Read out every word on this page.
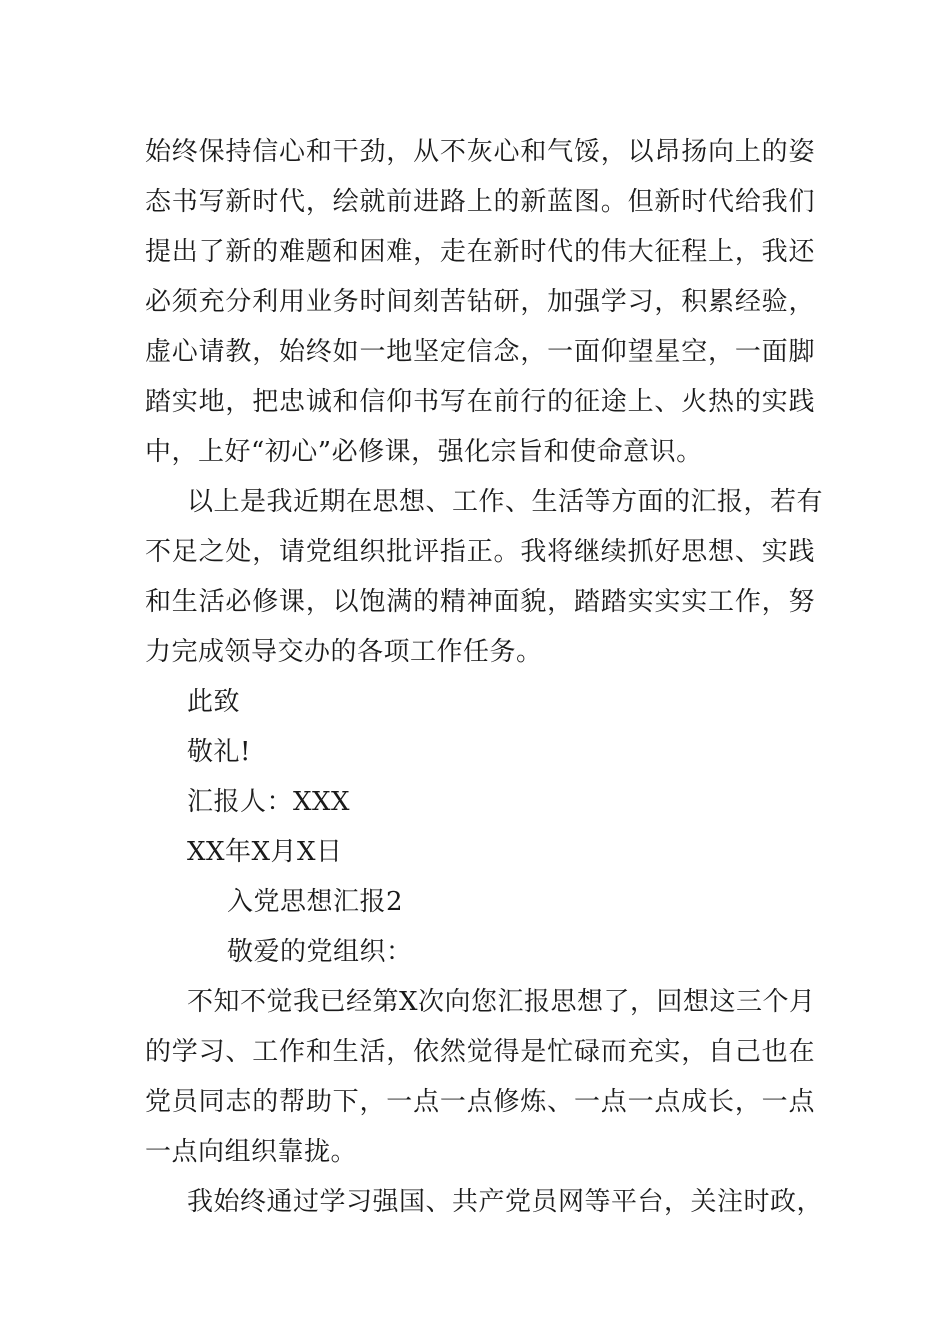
始终保持信心和干劲，从不灰心和气馁，以昂扬向上的姿
态书写新时代，绘就前进路上的新蓝图。但新时代给我们
提出了新的难题和困难，走在新时代的伟大征程上，我还
必须充分利用业务时间刻苦钻研，加强学习，积累经验，
虚心请教，始终如一地坚定信念，一面仰望星空，一面脚
踏实地，把忠诚和信仰书写在前行的征途上、火热的实践
中，上好“初心”必修课，强化宗旨和使命意识。
以上是我近期在思想、工作、生活等方面的汇报，若有
不足之处，请党组织批评指正。我将继续抓好思想、实践
和生活必修课，以饱满的精神面貌，踏踏实实实工作，努
力完成领导交办的各项工作任务。
此致
敬礼!
汇报人：XXX
XX年X月X日
入党思想汇报2
敬爱的党组织：
不知不觉我已经第X次向您汇报思想了，回想这三个月
的学习、工作和生活，依然觉得是忙碌而充实，自己也在
党员同志的帮助下，一点一点修炼、一点一点成长，一点
一点向组织靠拢。
我始终通过学习强国、共产党员网等平台，关注时政，
